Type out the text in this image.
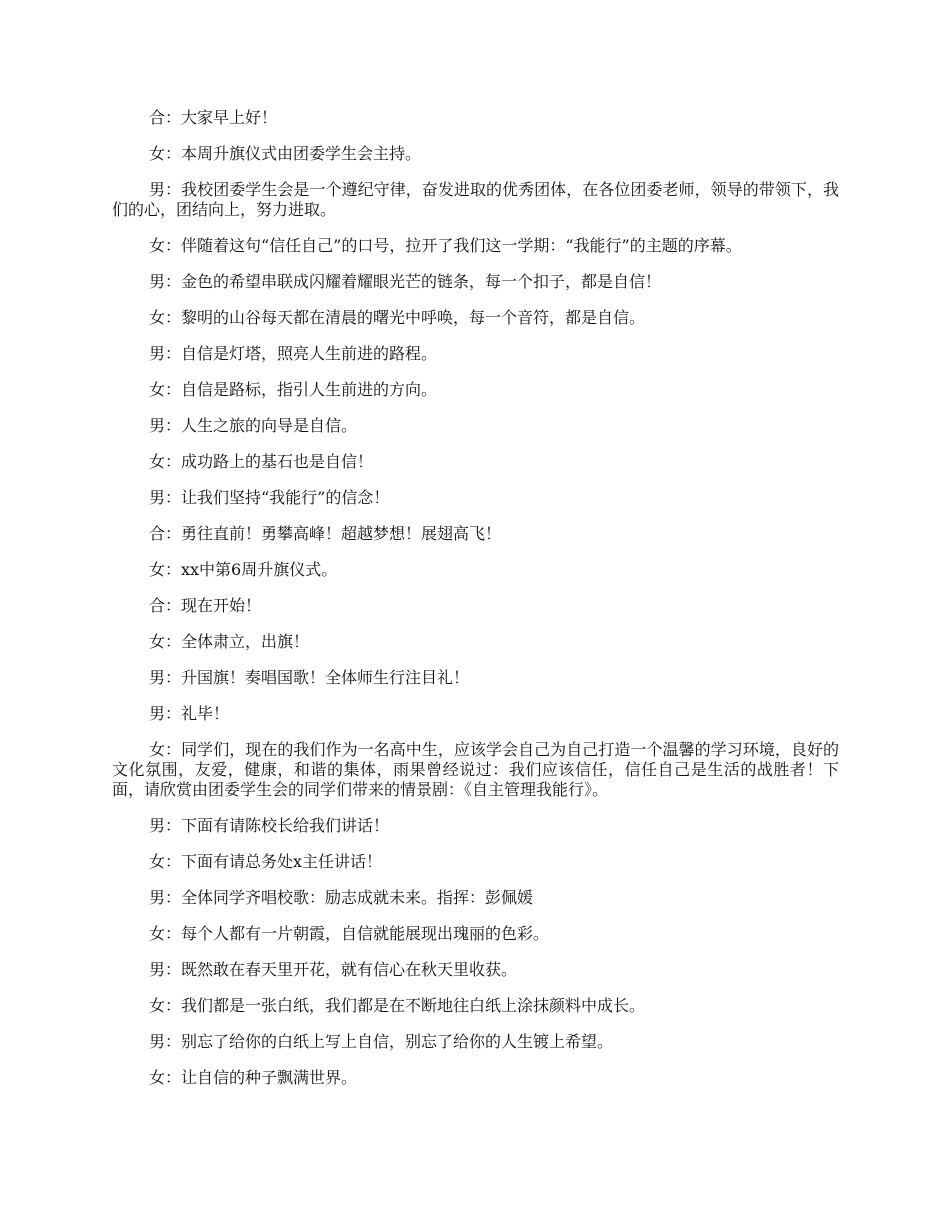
合：大家早上好！

女：本周升旗仪式由团委学生会主持。

男：我校团委学生会是一个遵纪守律，奋发进取的优秀团体，在各位团委老师，领导的带领下，我们的心，团结向上，努力进取。

女：伴随着这句“信任自己”的口号，拉开了我们这一学期：“我能行”的主题的序幕。

男：金色的希望串联成闪耀着耀眼光芒的链条，每一个扣子，都是自信！

女：黎明的山谷每天都在清晨的曙光中呼唤，每一个音符，都是自信。

男：自信是灯塔，照亮人生前进的路程。

女：自信是路标，指引人生前进的方向。

男：人生之旅的向导是自信。

女：成功路上的基石也是自信！

男：让我们坚持“我能行”的信念！

合：勇往直前！勇攀高峰！超越梦想！展翅高飞！

女：xx中第6周升旗仪式。

合：现在开始！

女：全体肃立，出旗！

男：升国旗！奏唱国歌！全体师生行注目礼！

男：礼毕！

女：同学们，现在的我们作为一名高中生，应该学会自己为自己打造一个温馨的学习环境，良好的文化氛围，友爱，健康，和谐的集体，雨果曾经说过：我们应该信任，信任自己是生活的战胜者！下面，请欣赏由团委学生会的同学们带来的情景剧：《自主管理我能行》。

男：下面有请陈校长给我们讲话！

女：下面有请总务处x主任讲话！

男：全体同学齐唱校歌：励志成就未来。指挥：彭佩媛

女：每个人都有一片朝霞，自信就能展现出瑰丽的色彩。

男：既然敢在春天里开花，就有信心在秋天里收获。

女：我们都是一张白纸，我们都是在不断地往白纸上涂抹颜料中成长。

男：别忘了给你的白纸上写上自信，别忘了给你的人生镀上希望。

女：让自信的种子飘满世界。
